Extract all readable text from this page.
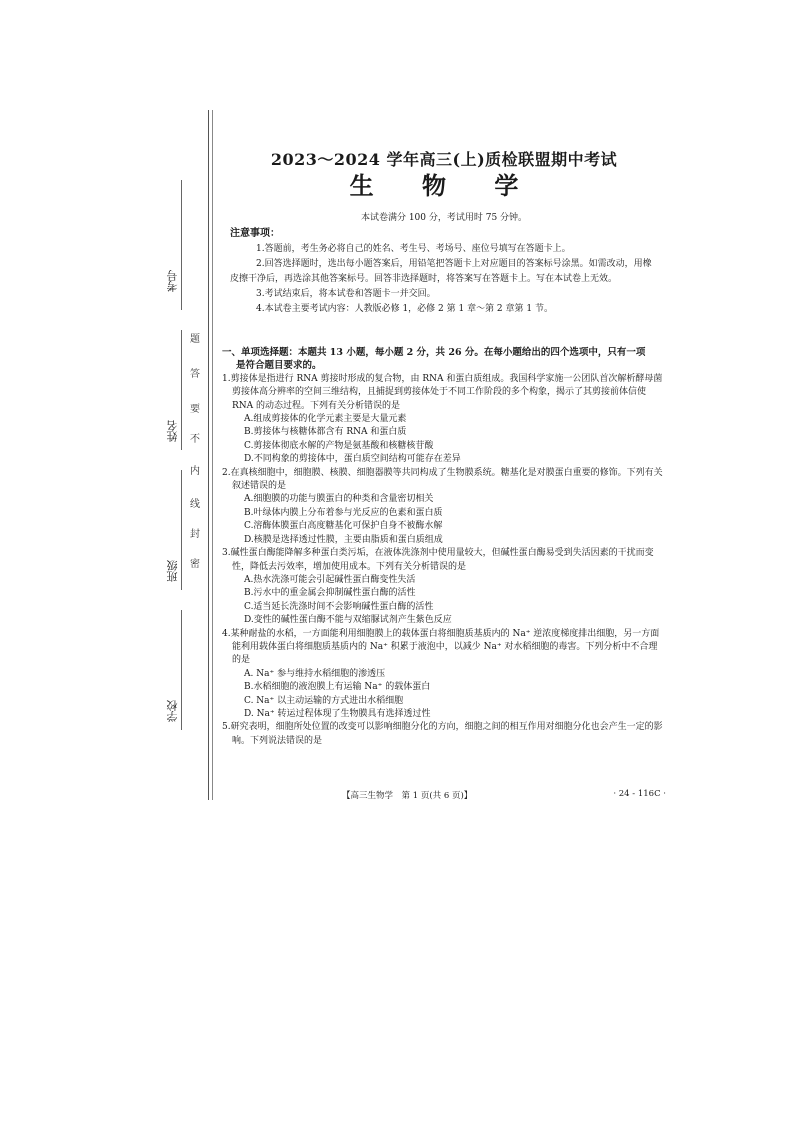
考号
姓名
班级
学校
题
答
要
不
内
线
封
密
2023～2024 学年高三(上)质检联盟期中考试
生 物 学
本试卷满分 100 分，考试用时 75 分钟。
注意事项：

1.答题前，考生务必将自己的姓名、考生号、考场号、座位号填写在答题卡上。

2.回答选择题时，选出每小题答案后，用铅笔把答题卡上对应题目的答案标号涂黑。如需改动，用橡皮擦干净后，再选涂其他答案标号。回答非选择题时，将答案写在答题卡上。写在本试卷上无效。

3.考试结束后，将本试卷和答题卡一并交回。

4.本试卷主要考试内容：人教版必修 1，必修 2 第 1 章～第 2 章第 1 节。

一、单项选择题：本题共 13 小题，每小题 2 分，共 26 分。在每小题给出的四个选项中，只有一项

是符合题目要求的。

1.剪接体是指进行 RNA 剪接时形成的复合物，由 RNA 和蛋白质组成。我国科学家施一公团队首次解析酵母菌剪接体高分辨率的空间三维结构，且捕捉到剪接体处于不同工作阶段的多个构象，揭示了其剪接前体信使 RNA 的动态过程。下列有关分析错误的是

A.组成剪接体的化学元素主要是大量元素

B.剪接体与核糖体都含有 RNA 和蛋白质

C.剪接体彻底水解的产物是氨基酸和核糖核苷酸

D.不同构象的剪接体中，蛋白质空间结构可能存在差异

2.在真核细胞中，细胞膜、核膜、细胞器膜等共同构成了生物膜系统。糖基化是对膜蛋白重要的修饰。下列有关叙述错误的是

A.细胞膜的功能与膜蛋白的种类和含量密切相关

B.叶绿体内膜上分布着参与光反应的色素和蛋白质

C.溶酶体膜蛋白高度糖基化可保护自身不被酶水解

D.核膜是选择透过性膜，主要由脂质和蛋白质组成

3.碱性蛋白酶能降解多种蛋白类污垢，在液体洗涤剂中使用量较大，但碱性蛋白酶易受到失活因素的干扰而变性，降低去污效率，增加使用成本。下列有关分析错误的是

A.热水洗涤可能会引起碱性蛋白酶变性失活

B.污水中的重金属会抑制碱性蛋白酶的活性

C.适当延长洗涤时间不会影响碱性蛋白酶的活性

D.变性的碱性蛋白酶不能与双缩脲试剂产生紫色反应

4.某种耐盐的水稻，一方面能利用细胞膜上的载体蛋白将细胞质基质内的 Na⁺ 逆浓度梯度排出细胞，另一方面能利用载体蛋白将细胞质基质内的 Na⁺ 积累于液泡中，以减少 Na⁺ 对水稻细胞的毒害。下列分析中不合理的是

A. Na⁺ 参与维持水稻细胞的渗透压

B.水稻细胞的液泡膜上有运输 Na⁺ 的载体蛋白

C. Na⁺ 以主动运输的方式进出水稻细胞

D. Na⁺ 转运过程体现了生物膜具有选择透过性

5.研究表明，细胞所处位置的改变可以影响细胞分化的方向，细胞之间的相互作用对细胞分化也会产生一定的影响。下列说法错误的是

【高三生物学　第 1 页(共 6 页)】	· 24 - 116C ·
